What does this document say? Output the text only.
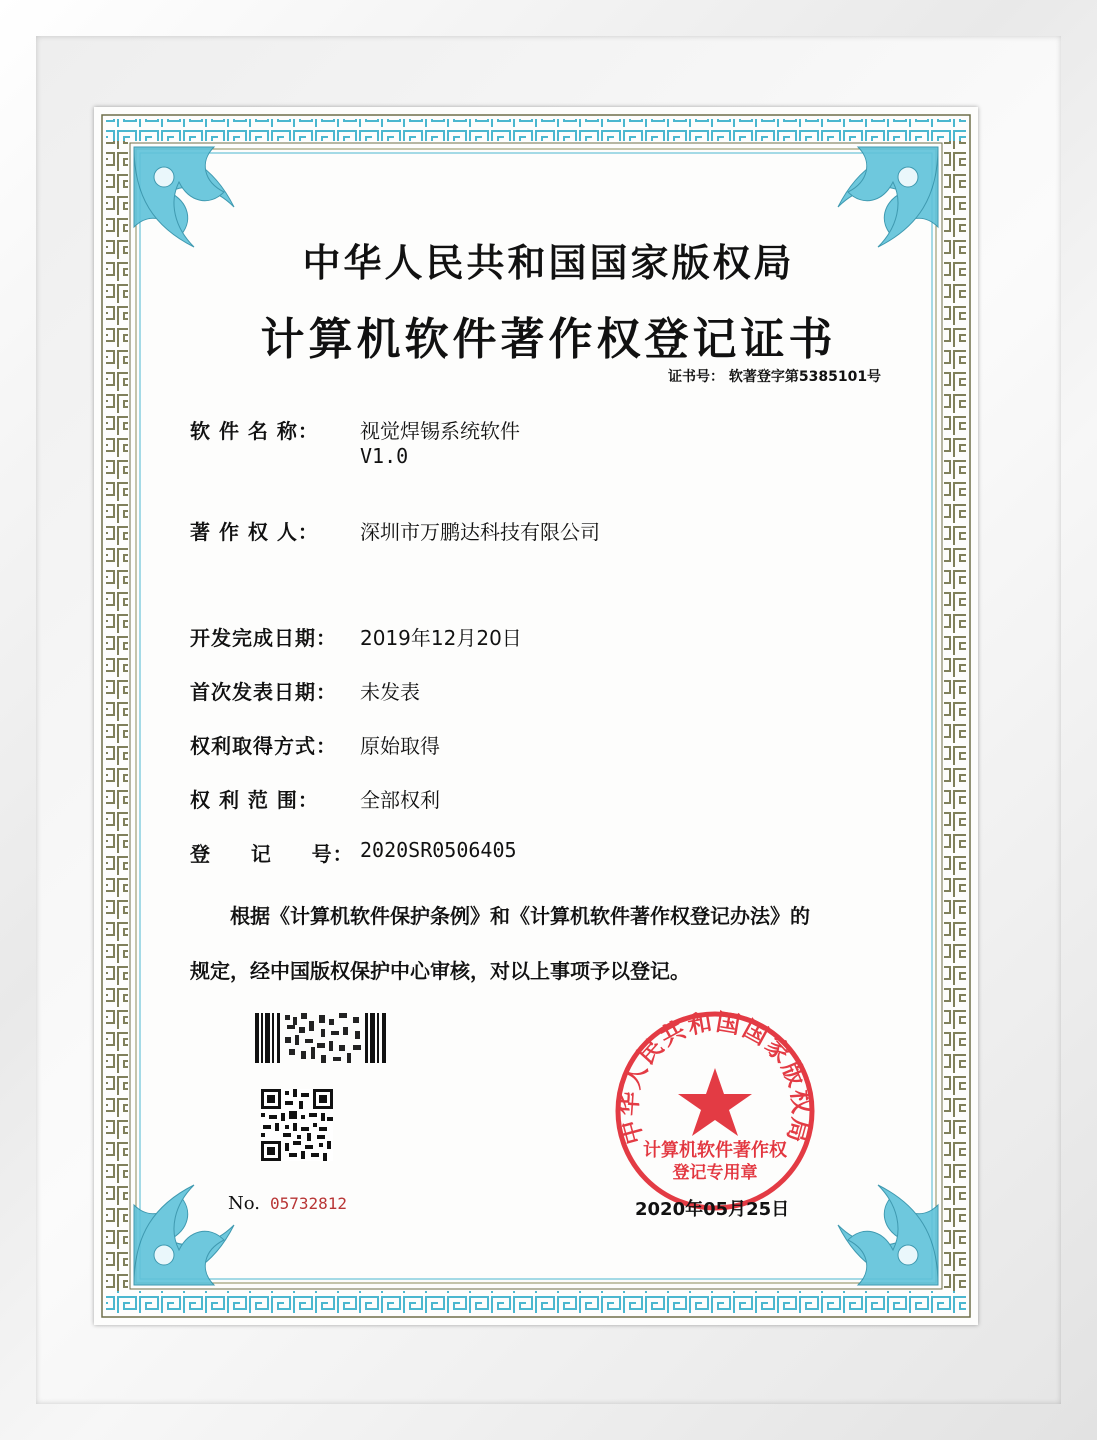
中华人民共和国国家版权局
计算机软件著作权登记证书
证书号： 软著登字第5385101号
软 件 名 称： 视觉焊锡系统软件
V1.0
著 作 权 人： 深圳市万鹏达科技有限公司
开发完成日期： 2019年12月20日
首次发表日期： 未发表
权利取得方式： 原始取得
权 利 范 围： 全部权利
登     记     号： 2020SR0506405
根据《计算机软件保护条例》和《计算机软件著作权登记办法》的
规定，经中国版权保护中心审核，对以上事项予以登记。
No. 05732812
中华人民共和国国家版权局
计算机软件著作权
登记专用章
2020年05月25日
